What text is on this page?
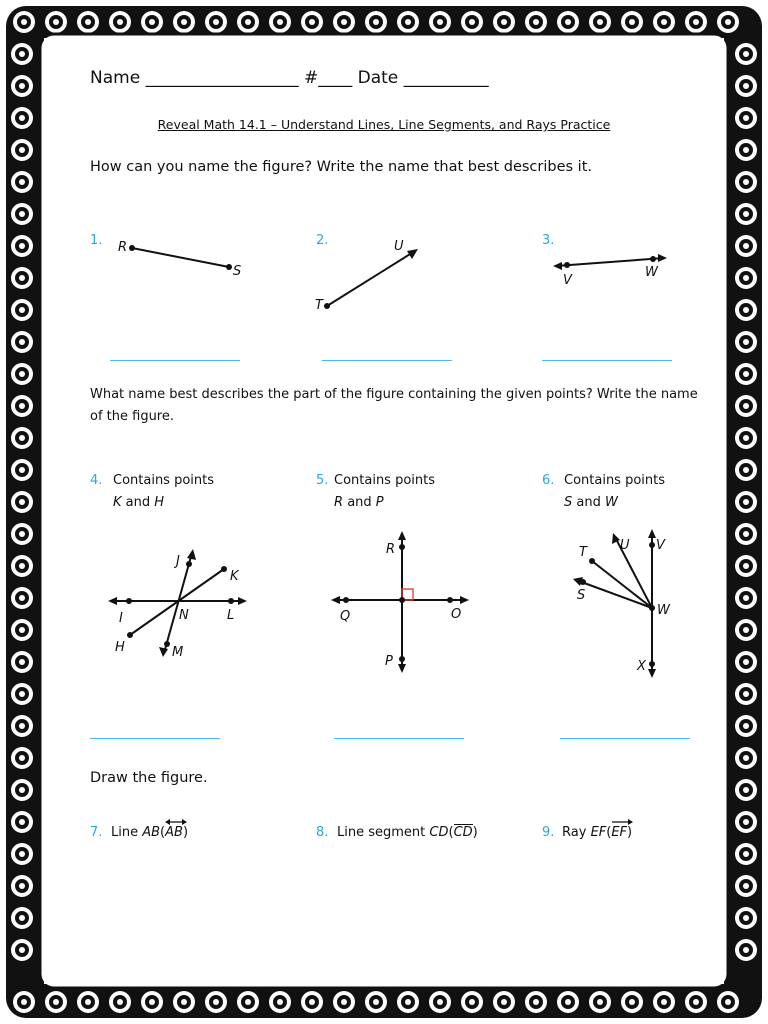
Name __________________ #____ Date __________
Reveal Math 14.1 – Understand Lines, Line Segments, and Rays Practice
How can you name the figure? Write the name that best describes it.
1.	2.	3.
R
S
U
T
V
W
What name best describes the part of the figure containing the given points? Write the name of the figure.
4. Contains points
K and H
5. Contains points
R and P
6. Contains points
S and W
J
K
I	N	L
H	M
R
Q	O
P
T	U V
S
W
X
Draw the figure.
7. Line AB(
AB)	8. Line segment CD(CD)	9. Ray EF(
EF)
